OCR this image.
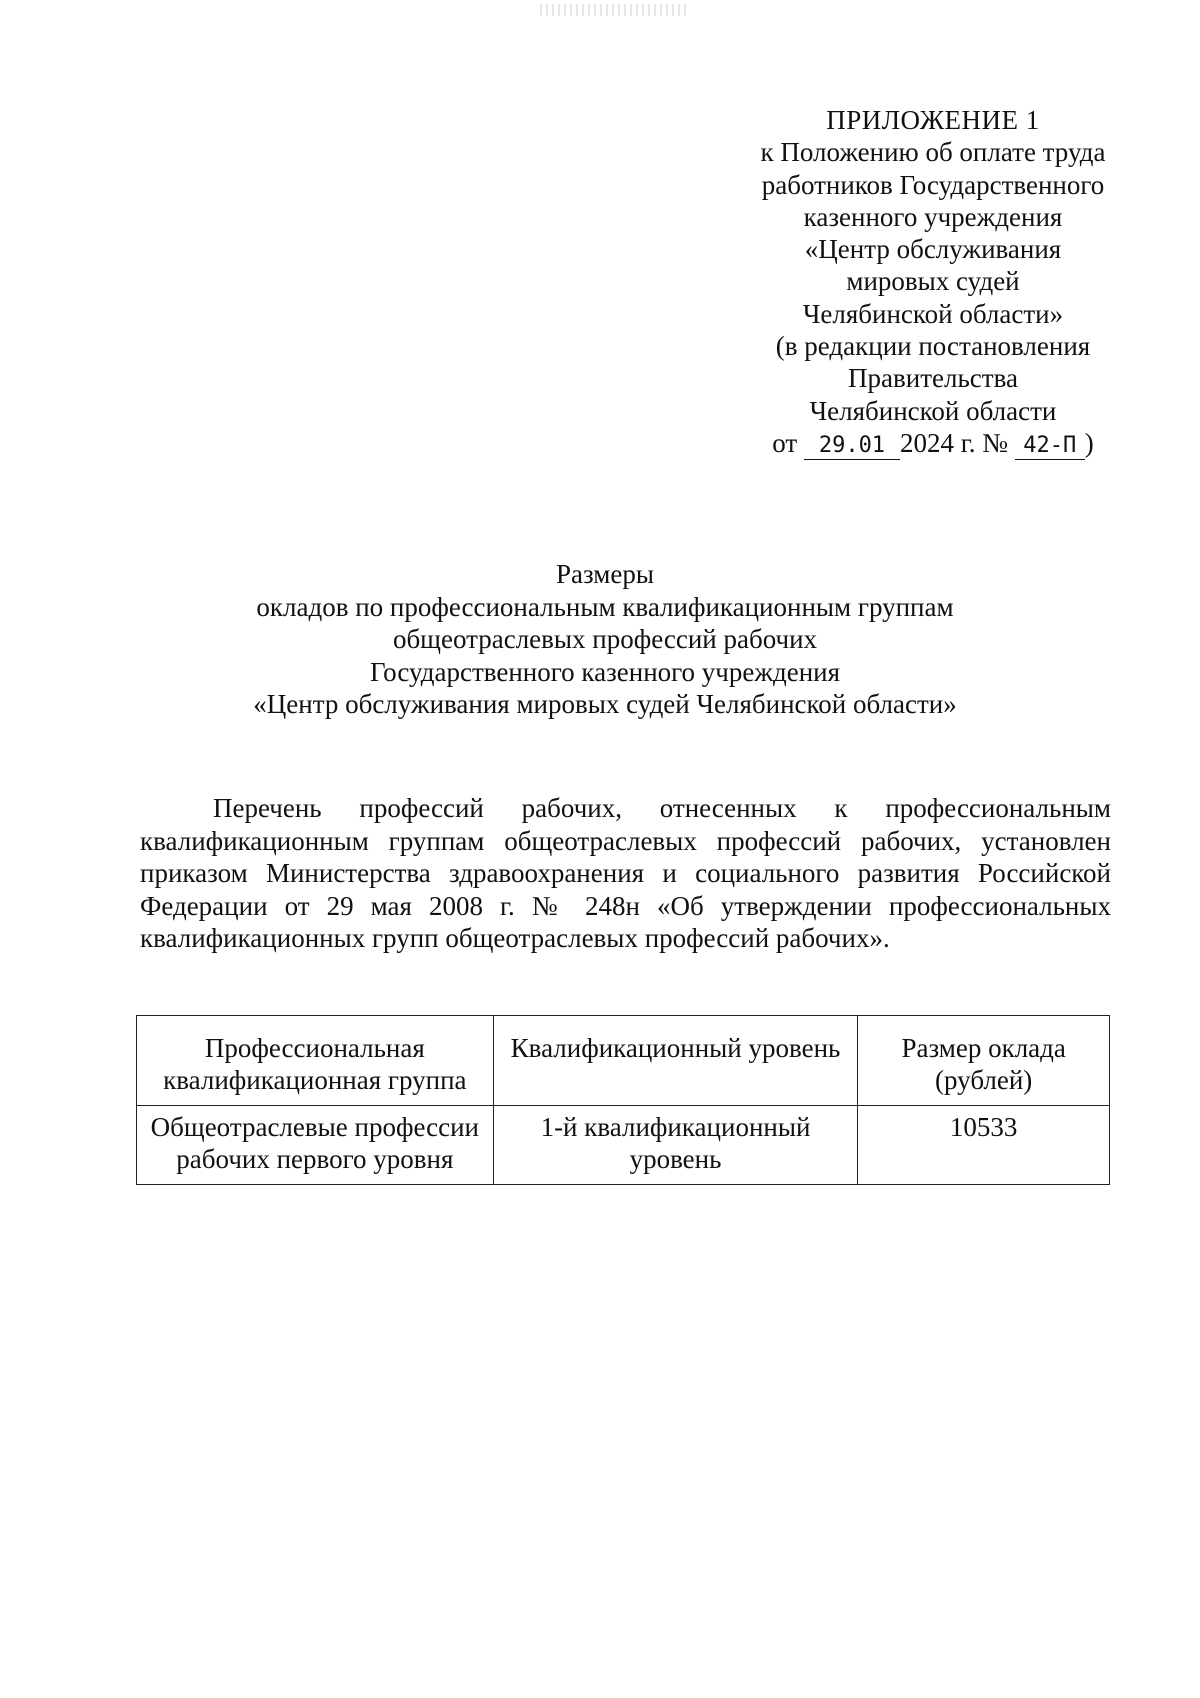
ПРИЛОЖЕНИЕ 1
к Положению об оплате труда
работников Государственного
казенного учреждения
«Центр обслуживания
мировых судей
Челябинской области»
(в редакции постановления
Правительства
Челябинской области
от 29.01 2024 г. № 42-П )
Размеры
окладов по профессиональным квалификационным группам
общеотраслевых профессий рабочих
Государственного казенного учреждения
«Центр обслуживания мировых судей Челябинской области»

Перечень профессий рабочих, отнесенных к профессиональным квалификационным группам общеотраслевых профессий рабочих, установлен приказом Министерства здравоохранения и социального развития Российской Федерации от 29 мая 2008 г. № 248н «Об утверждении профессиональных квалификационных групп общеотраслевых профессий рабочих».

Профессиональная квалификационная группа	Квалификационный уровень	Размер оклада (рублей)
Общеотраслевые профессии рабочих первого уровня	1-й квалификационный уровень	10533
